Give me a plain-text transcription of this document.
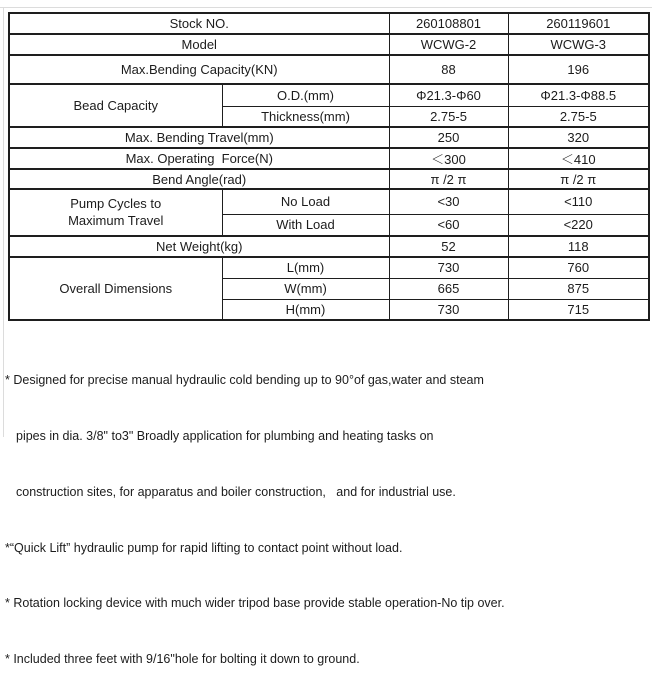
Stock NO.		260108801	260119601
Model		WCWG-2	WCWG-3
Max.Bending Capacity(KN)		88	196
Bead Capacity	O.D.(mm)	Φ21.3-Φ60	Φ21.3-Φ88.5
	Thickness(mm)	2.75-5	2.75-5
Max. Bending Travel(mm)		250	320
Max. Operating  Force(N)		＜300	＜410
Bend Angle(rad)		π /2 π	π /2 π
Pump Cycles to Maximum Travel	No Load	<30	<110
	With Load	<60	<220
Net Weight(kg)		52	118
Overall Dimensions	L(mm)	730	760
	W(mm)	665	875
	H(mm)	730	715

* Designed for precise manual hydraulic cold bending up to 90°of gas,water and steam

pipes in dia. 3/8" to3" Broadly application for plumbing and heating tasks on

construction sites, for apparatus and boiler construction,   and for industrial use.

*“Quick Lift” hydraulic pump for rapid lifting to contact point without load.

* Rotation locking device with much wider tripod base provide stable operation-No tip over.

* Included three feet with 9/16"hole for bolting it down to ground.
